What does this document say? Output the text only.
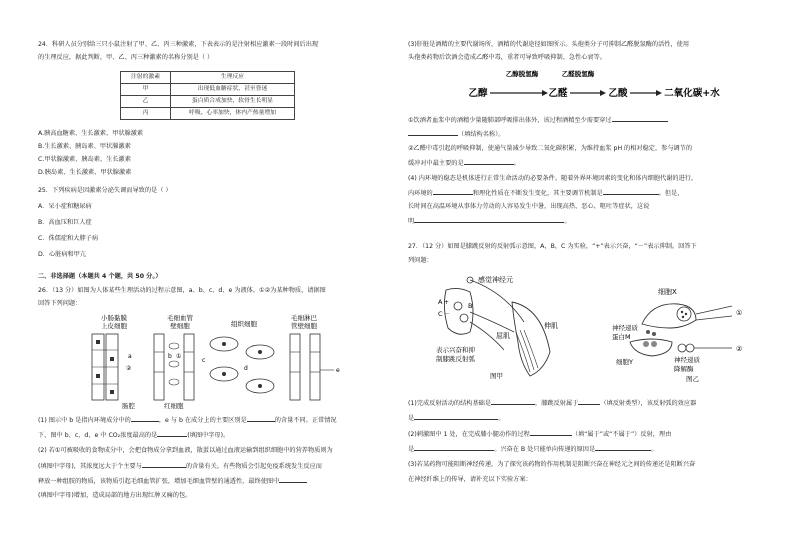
24．科研人员分别给三只小鼠注射了甲、乙、丙三种激素，下表表示的是注射相应激素一段时间后出现
的生理反应，据此判断，甲、乙、丙三种激素的名称分别是（ ）
注射的激素	生理反应
甲	出现低血糖症状，甚至昏迷
乙	蛋白质合成加快，软骨生长明显
丙	呼吸、心率加快，体内产热量增加
A.胰高血糖素、生长激素、甲状腺激素
B.生长激素、胰岛素、甲状腺激素
C.甲状腺激素、胰岛素、生长激素
D.胰岛素、生长激素、甲状腺激素
25．下列疾病是因激素分泌失调而导致的是（ ）
A．呆小症和糖尿病
B．高血压和巨人症
C．侏儒症和大脖子病
D．心脏病和甲亢
二、非选择题（本题共 4 个题，共 50 分。）
26．（13 分）如图为人体某些生理活动的过程示意图，a、b、c、d、e 为液体，①②为某种物质，请据图
回答下列问题：
小肠黏膜	毛细血管
壁细胞
上皮细胞	组织细胞
毛细淋巴
管壁细胞
②
a
肠腔
b ①
红细胞
c
d	e
(1) 图示中 b 是指内环境成分中的	，e 与 b 在成分上的主要区别是	的含量不同。正常情况
下，图中 b、c、d、e 中 CO₂浓度最高的是	(填图中字母)。
(2) 若①可被吸收的食物成分中，会把食物成分拿到血液，散蛋以通过血液运输到组织细胞中的营养物质则为
(填图中字母)，其浓度远大于个主要与	的含量有关。有些物质会引起免疫系统发生反应而
释放一种组胺的物质，该物质引起毛细血管扩张，增加毛细血管壁的通透性，最终使图中
(填图中字母)增加，造成局部的地方出现红肿又痛的包。
(3)肝脏是酒精的主要代谢场所，酒精的代谢途径如图所示。头孢类分子可抑制乙醛脱氢酶的活性，使用
头孢类药物后饮酒会造成乙醛中毒，重者可导致呼吸抑制、急性心衰等。
乙醇脱氢酶	乙醛脱氢酶
乙醇	乙醛	乙酸	二氧化碳+水
①饮酒者血浆中的酒精少量随肺部呼吸排出体外，该过程酒精至少需要穿过
（填结构名称）。
②乙醛中毒引起的呼吸抑制，使通气量减少导致二氧化碳积累，为维持血浆 pH 的相对稳定，参与调节的
缓冲对中最主要的是	。
(4) 内环境的稳态是机体进行正常生命活动的必要条件。随着外界环境因素的变化和体内细胞代谢的进行，
内环境的	和理化性质在不断发生变化，其主要调节机制是	。但是，
长时间在高温环境从事体力劳动的人容易发生中暑，出现高热、恶心、呕吐等症状，这说
明	。
27．（12 分）如图是膝跳反射的反射弧示意图，A，B，C 为实验，“+”表示兴奋，“－”表示抑制。回答下
列问题：
感觉神经元
A +	B
C －
伸肌
屈肌
表示兴奋和抑
制膝跳反射弧
图甲
细胞X
①
神经递质
蛋白M
②
细胞Y	神经递质
降解酶
图乙
(1)完成反射活动的结构基础是	，膝跳反射属于	（填反射类型），该反射弧的效应器
是	。
(2)刺激图中 1 处，在完成膝小腿动作的过程	（填“属于”或“不属于”）反射，理由
是	。兴奋在 B 处只能单向传递的原因是	。
(3)若某药物可能阻断神经传递，为了探究该药物的作用机制是阻断兴奋在神经元之间的传递还是阻断兴奋
在神经纤维上的传导，请补充以下实验方案：
